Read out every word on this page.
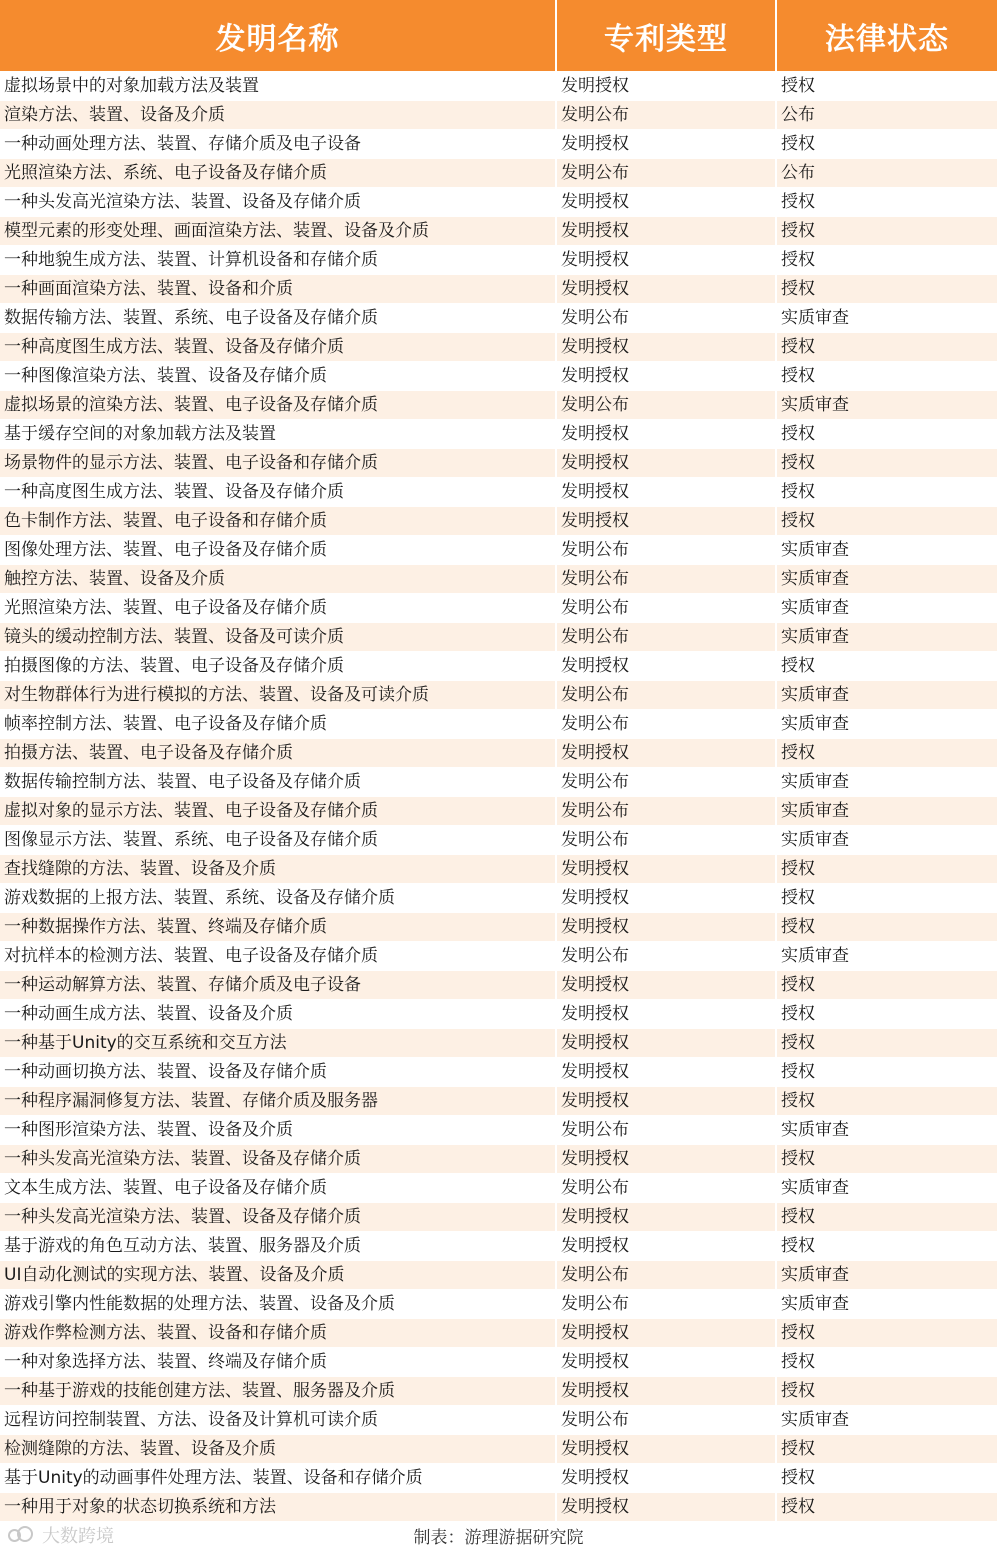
发明名称	专利类型	法律状态
虚拟场景中的对象加载方法及装置	发明授权	授权
渲染方法、装置、设备及介质	发明公布	公布
一种动画处理方法、装置、存储介质及电子设备	发明授权	授权
光照渲染方法、系统、电子设备及存储介质	发明公布	公布
一种头发高光渲染方法、装置、设备及存储介质	发明授权	授权
模型元素的形变处理、画面渲染方法、装置、设备及介质	发明授权	授权
一种地貌生成方法、装置、计算机设备和存储介质	发明授权	授权
一种画面渲染方法、装置、设备和介质	发明授权	授权
数据传输方法、装置、系统、电子设备及存储介质	发明公布	实质审查
一种高度图生成方法、装置、设备及存储介质	发明授权	授权
一种图像渲染方法、装置、设备及存储介质	发明授权	授权
虚拟场景的渲染方法、装置、电子设备及存储介质	发明公布	实质审查
基于缓存空间的对象加载方法及装置	发明授权	授权
场景物件的显示方法、装置、电子设备和存储介质	发明授权	授权
一种高度图生成方法、装置、设备及存储介质	发明授权	授权
色卡制作方法、装置、电子设备和存储介质	发明授权	授权
图像处理方法、装置、电子设备及存储介质	发明公布	实质审查
触控方法、装置、设备及介质	发明公布	实质审查
光照渲染方法、装置、电子设备及存储介质	发明公布	实质审查
镜头的缓动控制方法、装置、设备及可读介质	发明公布	实质审查
拍摄图像的方法、装置、电子设备及存储介质	发明授权	授权
对生物群体行为进行模拟的方法、装置、设备及可读介质	发明公布	实质审查
帧率控制方法、装置、电子设备及存储介质	发明公布	实质审查
拍摄方法、装置、电子设备及存储介质	发明授权	授权
数据传输控制方法、装置、电子设备及存储介质	发明公布	实质审查
虚拟对象的显示方法、装置、电子设备及存储介质	发明公布	实质审查
图像显示方法、装置、系统、电子设备及存储介质	发明公布	实质审查
查找缝隙的方法、装置、设备及介质	发明授权	授权
游戏数据的上报方法、装置、系统、设备及存储介质	发明授权	授权
一种数据操作方法、装置、终端及存储介质	发明授权	授权
对抗样本的检测方法、装置、电子设备及存储介质	发明公布	实质审查
一种运动解算方法、装置、存储介质及电子设备	发明授权	授权
一种动画生成方法、装置、设备及介质	发明授权	授权
一种基于Unity的交互系统和交互方法	发明授权	授权
一种动画切换方法、装置、设备及存储介质	发明授权	授权
一种程序漏洞修复方法、装置、存储介质及服务器	发明授权	授权
一种图形渲染方法、装置、设备及介质	发明公布	实质审查
一种头发高光渲染方法、装置、设备及存储介质	发明授权	授权
文本生成方法、装置、电子设备及存储介质	发明公布	实质审查
一种头发高光渲染方法、装置、设备及存储介质	发明授权	授权
基于游戏的角色互动方法、装置、服务器及介质	发明授权	授权
UI自动化测试的实现方法、装置、设备及介质	发明公布	实质审查
游戏引擎内性能数据的处理方法、装置、设备及介质	发明公布	实质审查
游戏作弊检测方法、装置、设备和存储介质	发明授权	授权
一种对象选择方法、装置、终端及存储介质	发明授权	授权
一种基于游戏的技能创建方法、装置、服务器及介质	发明授权	授权
远程访问控制装置、方法、设备及计算机可读介质	发明公布	实质审查
检测缝隙的方法、装置、设备及介质	发明授权	授权
基于Unity的动画事件处理方法、装置、设备和存储介质	发明授权	授权
一种用于对象的状态切换系统和方法	发明授权	授权
大数跨境	制表：游理游据研究院
